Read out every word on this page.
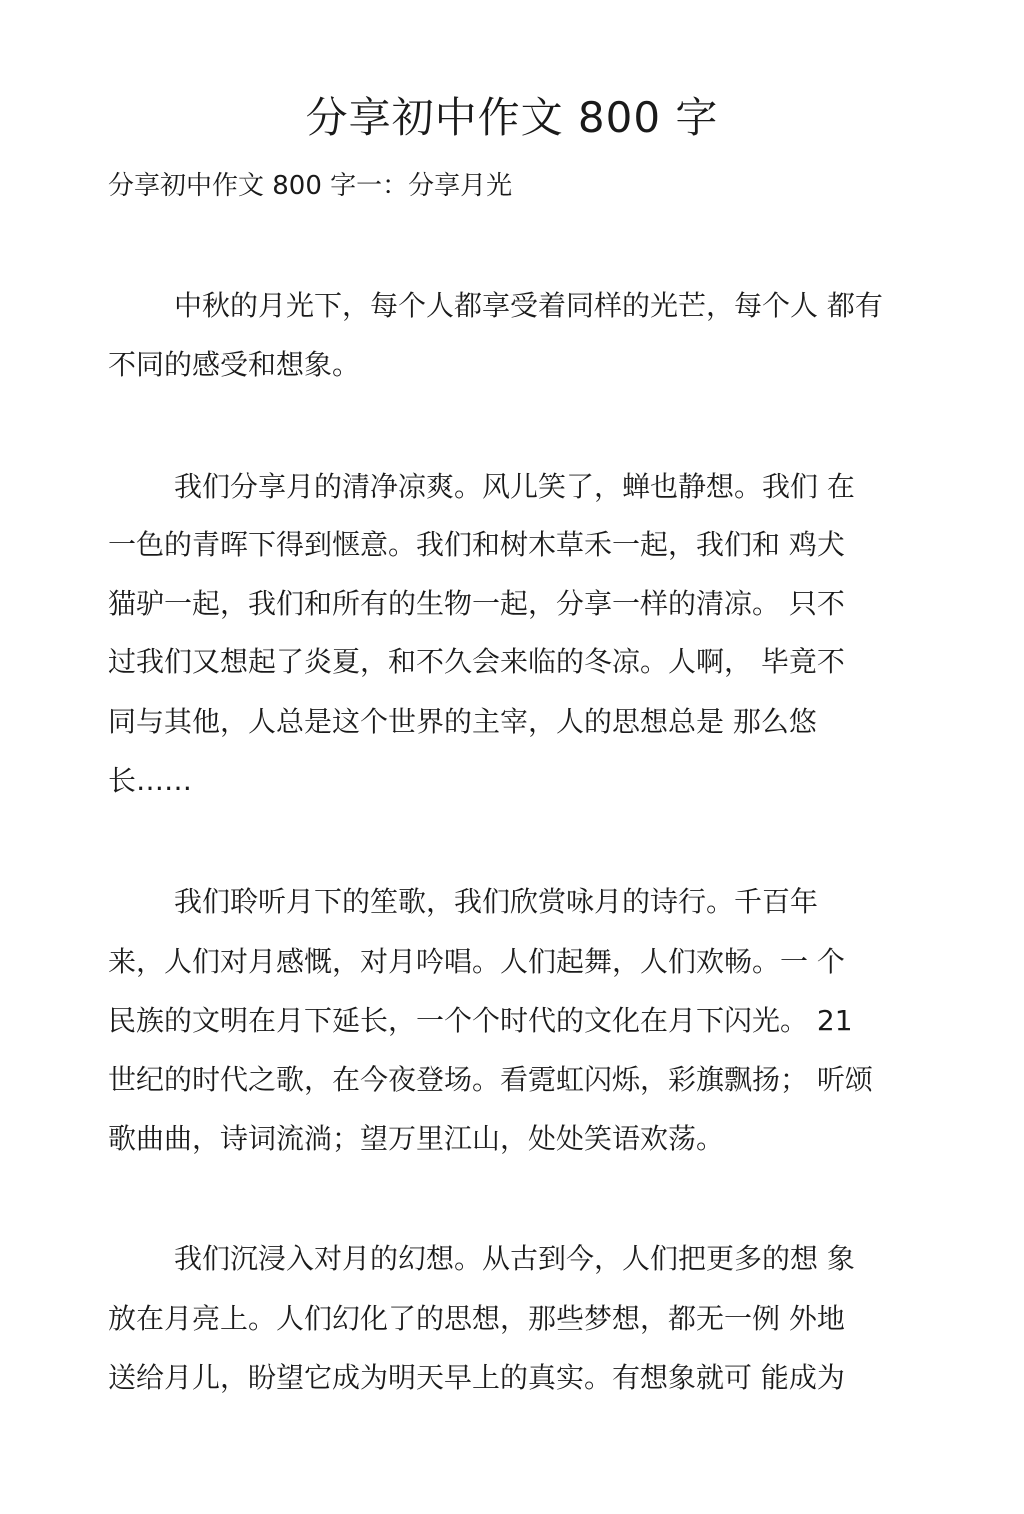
分享初中作文 800 字
分享初中作文 800 字一：分享月光
中秋的月光下，每个人都享受着同样的光芒，每个人 都有
不同的感受和想象。
我们分享月的清净凉爽。风儿笑了，蝉也静想。我们 在
一色的青晖下得到惬意。我们和树木草禾一起，我们和 鸡犬
猫驴一起，我们和所有的生物一起，分享一样的清凉。 只不
过我们又想起了炎夏，和不久会来临的冬凉。人啊， 毕竟不
同与其他，人总是这个世界的主宰，人的思想总是 那么悠
长……
我们聆听月下的笙歌，我们欣赏咏月的诗行。千百年
来，人们对月感慨，对月吟唱。人们起舞，人们欢畅。一 个
民族的文明在月下延长，一个个时代的文化在月下闪光。 21
世纪的时代之歌，在今夜登场。看霓虹闪烁，彩旗飘扬； 听颂
歌曲曲，诗词流淌；望万里江山，处处笑语欢荡。
我们沉浸入对月的幻想。从古到今，人们把更多的想 象
放在月亮上。人们幻化了的思想，那些梦想，都无一例 外地
送给月儿，盼望它成为明天早上的真实。有想象就可 能成为
